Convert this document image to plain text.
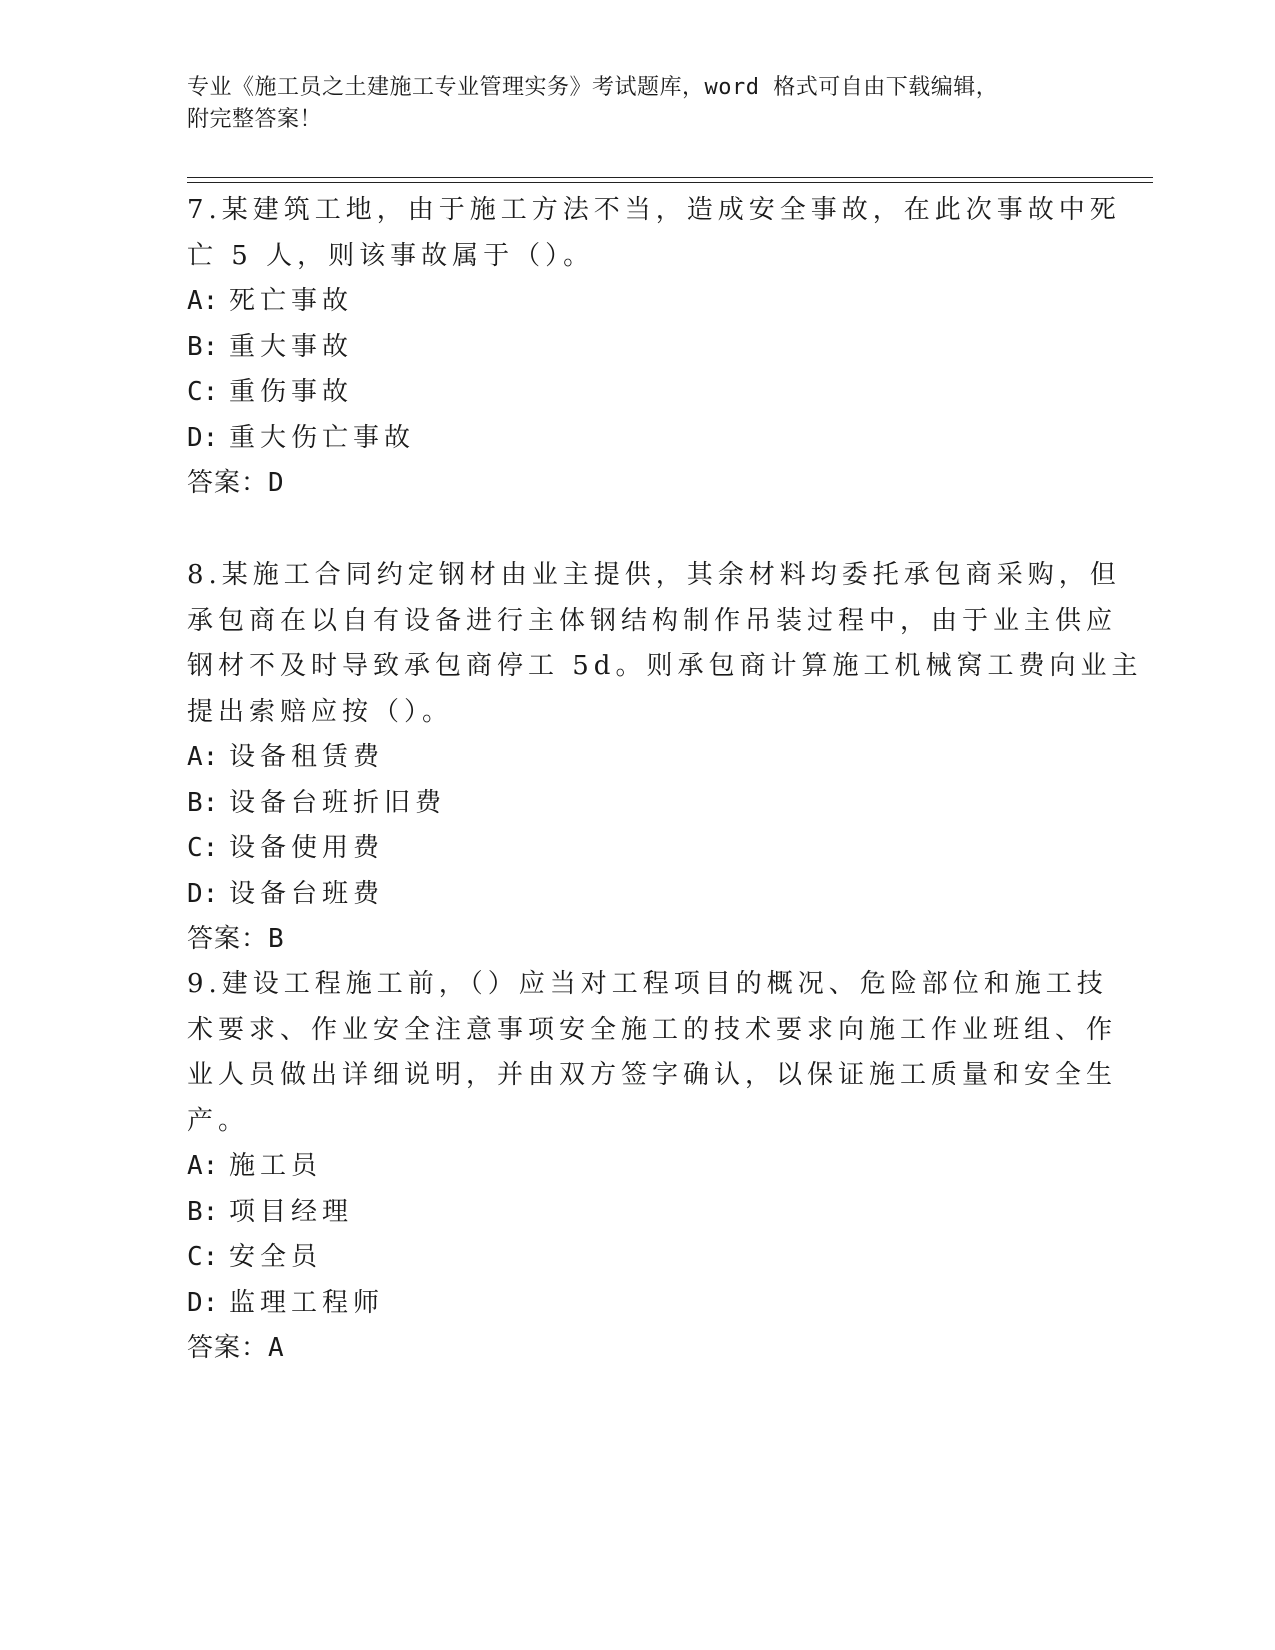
专业《施工员之土建施工专业管理实务》考试题库，word 格式可自由下载编辑，
附完整答案！
7.某建筑工地，由于施工方法不当，造成安全事故，在此次事故中死
亡 5 人，则该事故属于（）。
A: 死亡事故
B: 重大事故
C: 重伤事故
D: 重大伤亡事故
答案：D
8.某施工合同约定钢材由业主提供，其余材料均委托承包商采购，但
承包商在以自有设备进行主体钢结构制作吊装过程中，由于业主供应
钢材不及时导致承包商停工 5d。则承包商计算施工机械窝工费向业主
提出索赔应按（）。
A: 设备租赁费
B: 设备台班折旧费
C: 设备使用费
D: 设备台班费
答案：B
9.建设工程施工前，（）应当对工程项目的概况、危险部位和施工技
术要求、作业安全注意事项安全施工的技术要求向施工作业班组、作
业人员做出详细说明，并由双方签字确认，以保证施工质量和安全生
产。
A: 施工员
B: 项目经理
C: 安全员
D: 监理工程师
答案：A
